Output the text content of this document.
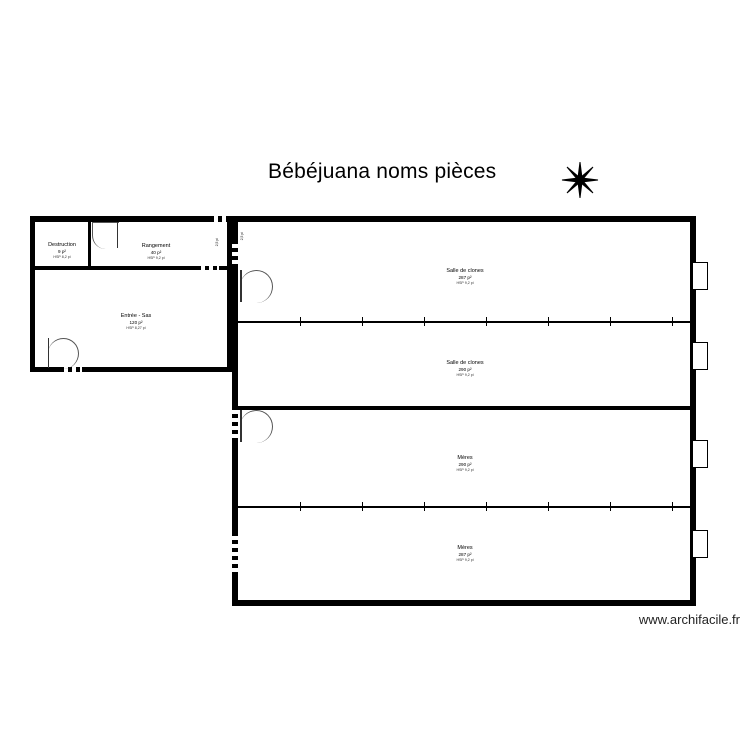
Bébéjuana noms pièces
www.archifacile.fr
2,5 pi
2,5 pi
Destruction
9 p²
HSP 8,2 pi
Rangement
40 p²
HSP 9,2 pi
Entrée - Sas
120 p²
HSP 8,27 pi
Salle de clones
287 p²
HSP 9,2 pi
Salle de clones
290 p²
HSP 9,2 pi
Mères
290 p²
HSP 9,2 pi
Mères
287 p²
HSP 9,2 pi
